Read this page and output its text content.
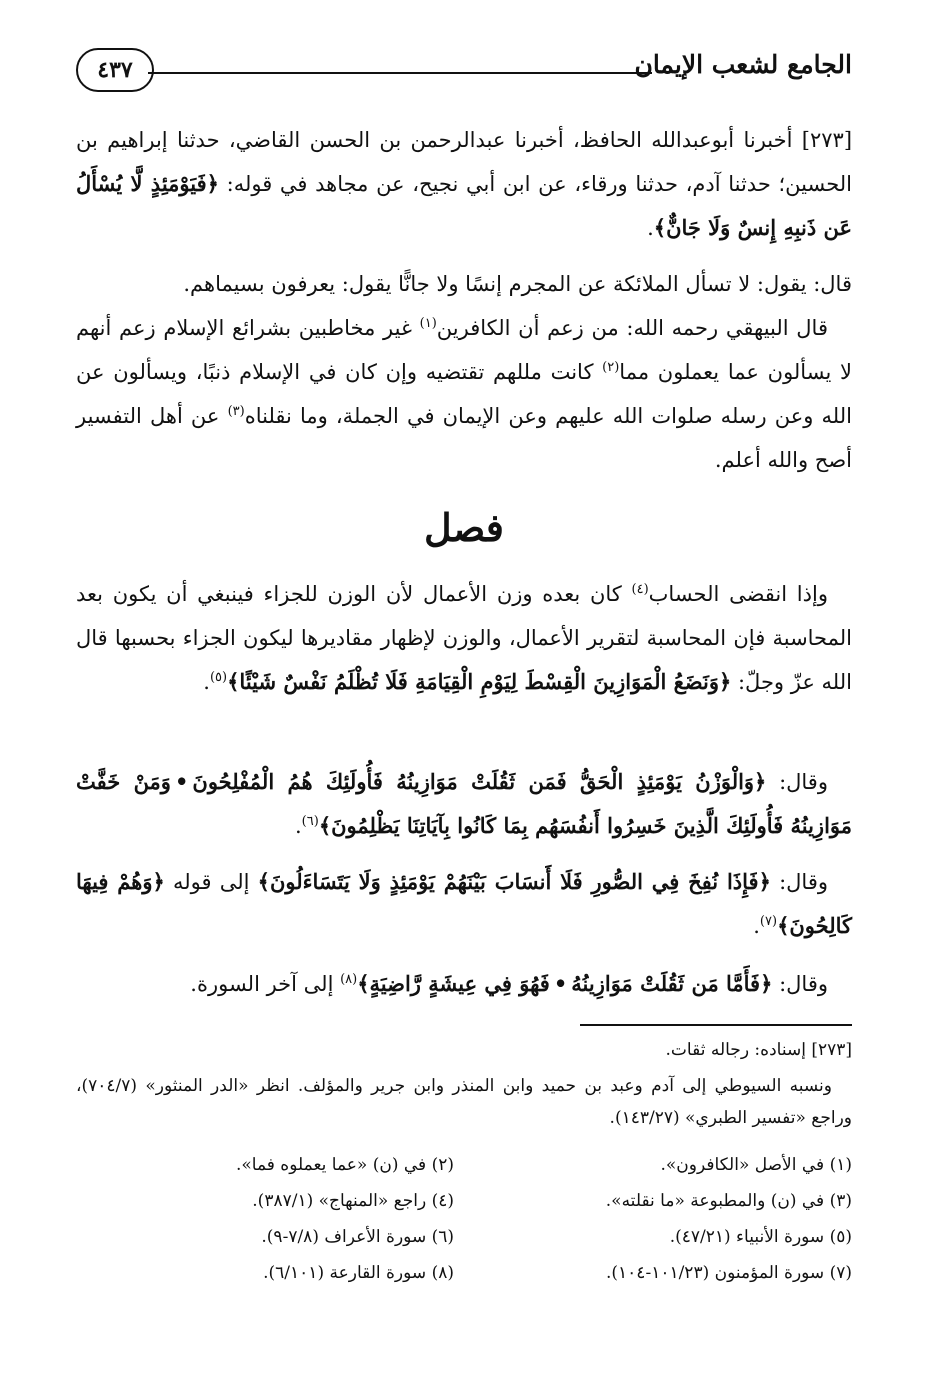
الجامع لشعب الإيمان
٤٣٧
[٢٧٣] أخبرنا أبوعبدالله الحافظ، أخبرنا عبدالرحمن بن الحسن القاضي، حدثنا إبراهيم بن الحسين؛ حدثنا آدم، حدثنا ورقاء، عن ابن أبي نجيح، عن مجاهد في قوله: ﴿فَيَوْمَئِذٍ لَّا يُسْأَلُ عَن ذَنبِهِ إِنسٌ وَلَا جَانٌّ﴾.
قال: يقول: لا تسأل الملائكة عن المجرم إنسًا ولا جانًّا يقول: يعرفون بسيماهم.
قال البيهقي رحمه الله: من زعم أن الكافرين$^{(١)}$ غير مخاطبين بشرائع الإسلام زعم أنهم لا يسألون عما يعملون مما$^{(٢)}$ كانت مللهم تقتضيه وإن كان في الإسلام ذنبًا، ويسألون عن الله وعن رسله صلوات الله عليهم وعن الإيمان في الجملة، وما نقلناه$^{(٣)}$ عن أهل التفسير أصح والله أعلم.
فصل
وإذا انقضى الحساب$^{(٤)}$ كان بعده وزن الأعمال لأن الوزن للجزاء فينبغي أن يكون بعد المحاسبة فإن المحاسبة لتقرير الأعمال، والوزن لإظهار مقاديرها ليكون الجزاء بحسبها قال الله عزّ وجلّ: ﴿وَنَضَعُ الْمَوَازِينَ الْقِسْطَ لِيَوْمِ الْقِيَامَةِ فَلَا تُظْلَمُ نَفْسٌ شَيْئًا﴾$^{(٥)}$.
وقال: ﴿وَالْوَزْنُ يَوْمَئِذٍ الْحَقُّ فَمَن ثَقُلَتْ مَوَازِينُهُ فَأُولَئِكَ هُمُ الْمُفْلِحُونَ•وَمَنْ خَفَّتْ مَوَازِينُهُ فَأُولَئِكَ الَّذِينَ خَسِرُوا أَنفُسَهُم بِمَا كَانُوا بِآيَاتِنَا يَظْلِمُونَ﴾$^{(٦)}$.
وقال: ﴿فَإِذَا نُفِخَ فِي الصُّورِ فَلَا أَنسَابَ بَيْنَهُمْ يَوْمَئِذٍ وَلَا يَتَسَاءَلُونَ﴾ إلى قوله ﴿وَهُمْ فِيهَا كَالِحُونَ﴾$^{(٧)}$.
وقال: ﴿فَأَمَّا مَن ثَقُلَتْ مَوَازِينُهُ•فَهُوَ فِي عِيشَةٍ رَّاضِيَةٍ﴾$^{(٨)}$ إلى آخر السورة.
[٢٧٣] إسناده: رجاله ثقات.
ونسبه السيوطي إلى آدم وعبد بن حميد وابن المنذر وابن جرير والمؤلف. انظر «الدر المنثور» (٧٠٤/٧)، وراجع «تفسير الطبري» (١٤٣/٢٧).
(١) في الأصل «الكافرون».
(٢) في (ن) «عما يعملوه فما».
(٣) في (ن) والمطبوعة «ما نقلته».
(٤) راجع «المنهاج» (٣٨٧/١).
(٥) سورة الأنبياء (٤٧/٢١).
(٦) سورة الأعراف (٧/٨-٩).
(٧) سورة المؤمنون (١٠١/٢٣-١٠٤).
(٨) سورة القارعة (٦/١٠١).
